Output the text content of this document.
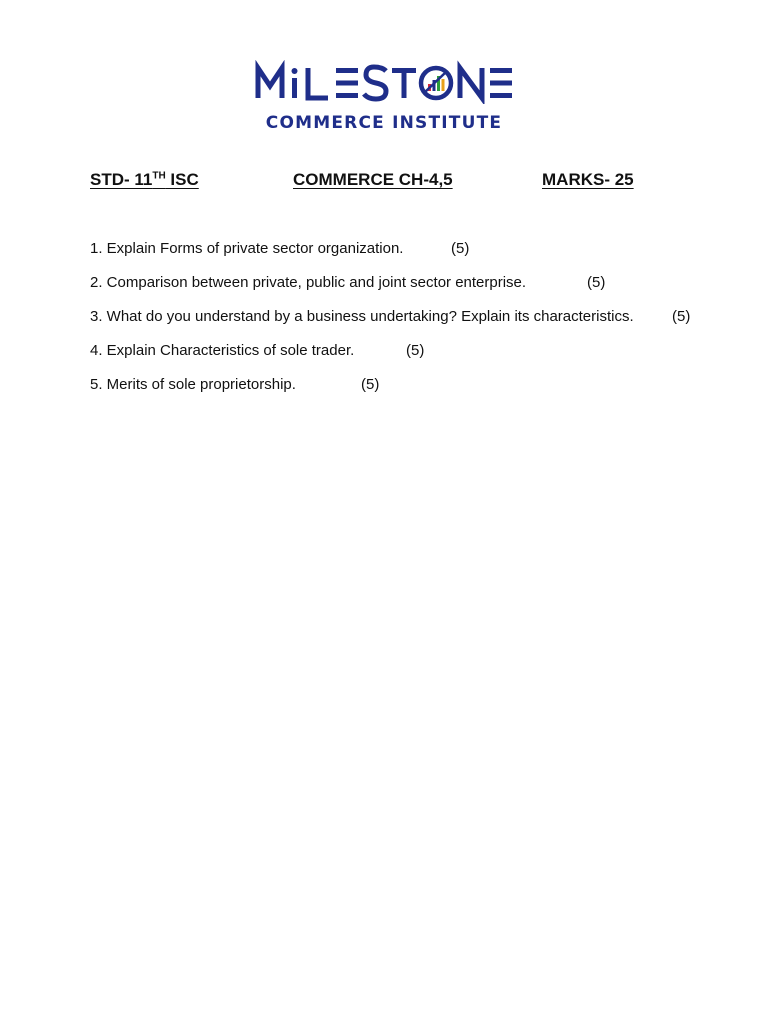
COMMERCE INSTITUTE
STD- 11TH ISC	COMMERCE CH-4,5	MARKS- 25
1. Explain Forms of private sector organization.	(5)
2. Comparison between private, public and joint sector enterprise.	(5)
3. What do you understand by a business undertaking? Explain its characteristics.	(5)
4. Explain Characteristics of sole trader.	(5)
5. Merits of sole proprietorship.	(5)
